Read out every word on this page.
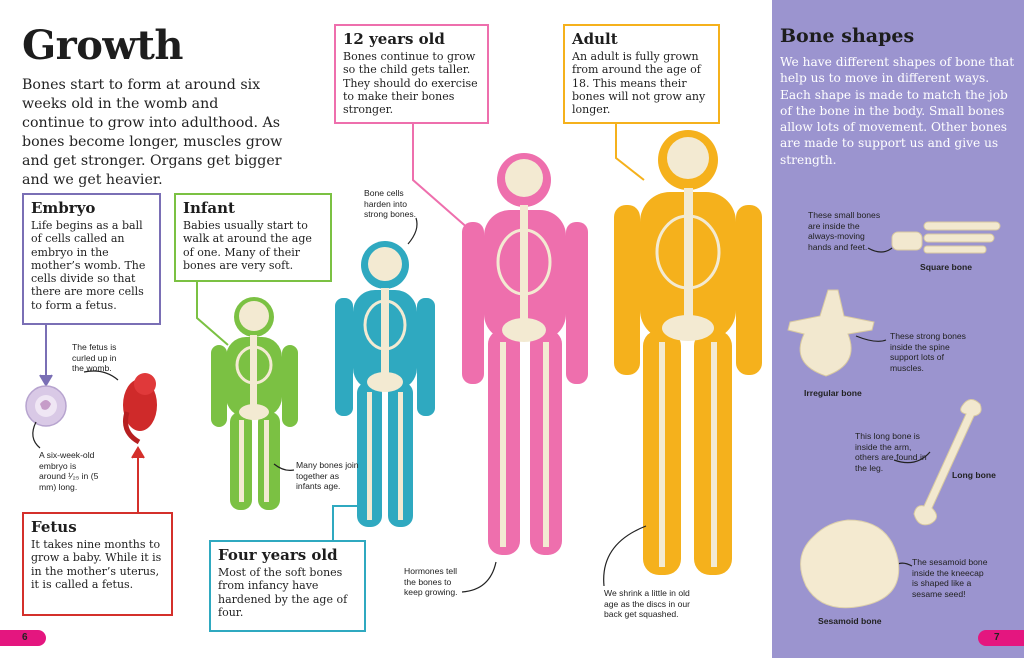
Growth
Bones start to form at around six weeks old in the womb and continue to grow into adulthood. As bones become longer, muscles grow and get stronger. Organs get bigger and we get heavier.
Embryo

Life begins as a ball of cells called an embryo in the mother’s womb. The cells divide so that there are more cells to form a fetus.

Infant

Babies usually start to walk at around the age of one. Many of their bones are very soft.

12 years old

Bones continue to grow so the child gets taller. They should do exercise to make their bones stronger.

Adult

An adult is fully grown from around the age of 18. This means their bones will not grow any longer.

Fetus

It takes nine months to grow a baby. While it is in the mother’s uterus, it is called a fetus.

Four years old

Most of the soft bones from infancy have hardened by the age of four.

The fetus is curled up in the womb.
A six-week-old embryo is around ¹⁄₂₅ in (5 mm) long.
Bone cells harden into strong bones.
Many bones join together as infants age.
Hormones tell the bones to keep growing.	We shrink a little in old age as the discs in our back get squashed.
Bone shapes
We have different shapes of bone that help us to move in different ways. Each shape is made to match the job of the bone in the body. Small bones allow lots of movement. Other bones are made to support us and give us strength.
These small bones are inside the always-moving hands and feet.
Square bone
These strong bones inside the spine support lots of muscles.
Irregular bone
This long bone is inside the arm, others are found in the leg.
Long bone
The sesamoid bone inside the kneecap is shaped like a sesame seed!
Sesamoid bone
6	7
